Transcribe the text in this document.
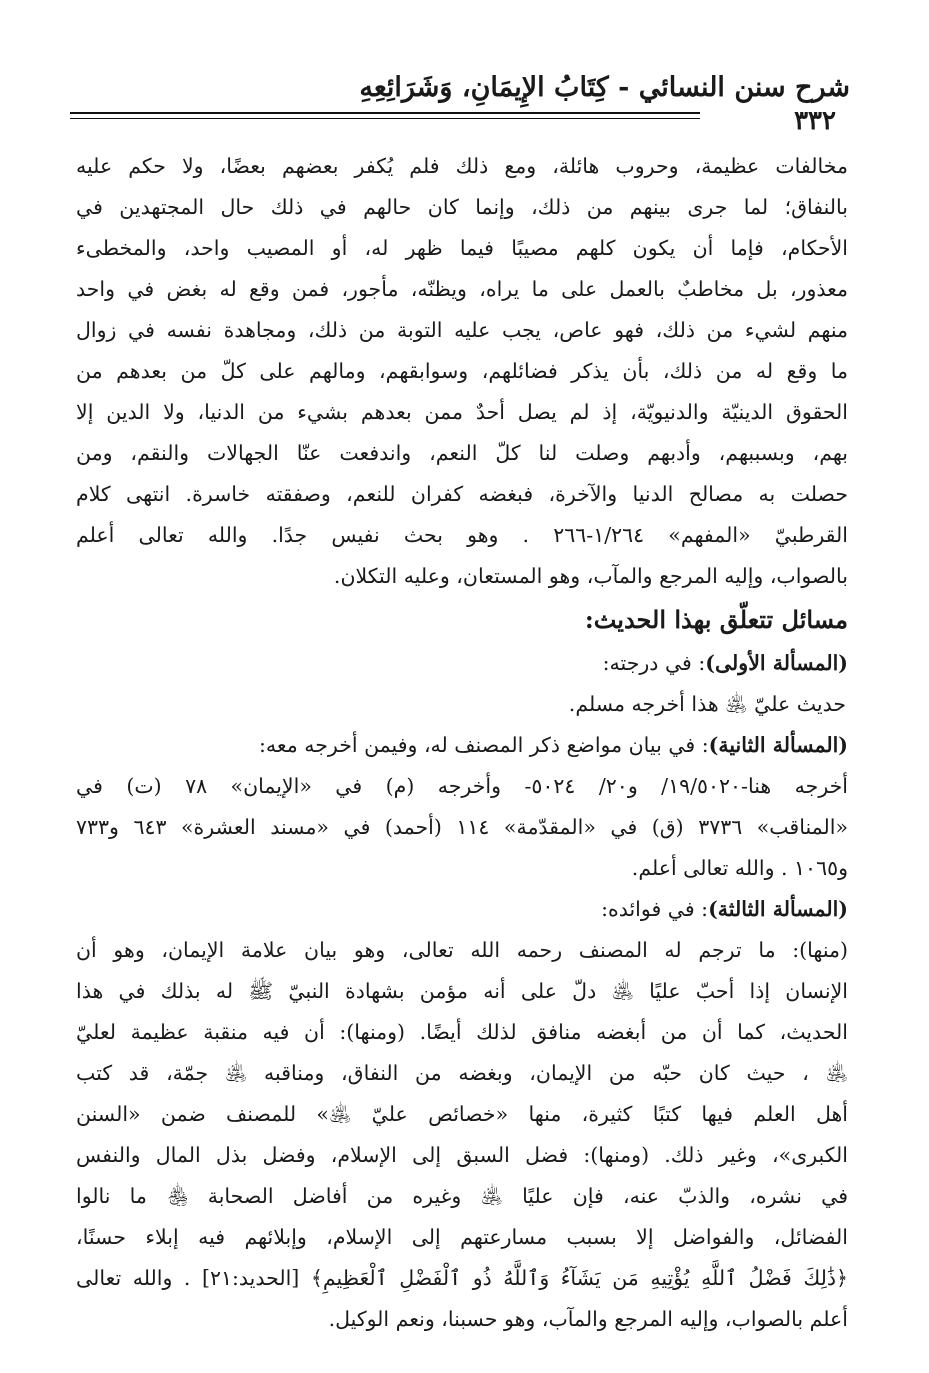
شرح سنن النسائي - كِتَابُ الإِيمَانِ، وَشَرَائِعِهِ
٣٣٢
مخالفات عظيمة، وحروب هائلة، ومع ذلك فلم يُكفر بعضهم بعضًا، ولا حكم عليه
بالنفاق؛ لما جرى بينهم من ذلك، وإنما كان حالهم في ذلك حال المجتهدين في
الأحكام، فإما أن يكون كلهم مصيبًا فيما ظهر له، أو المصيب واحد، والمخطىء
معذور، بل مخاطبٌ بالعمل على ما يراه، ويظنّه، مأجور، فمن وقع له بغض في واحد
منهم لشيء من ذلك، فهو عاص، يجب عليه التوبة من ذلك، ومجاهدة نفسه في زوال
ما وقع له من ذلك، بأن يذكر فضائلهم، وسوابقهم، ومالهم على كلّ من بعدهم من
الحقوق الدينيّة والدنيويّة، إذ لم يصل أحدٌ ممن بعدهم بشيء من الدنيا، ولا الدين إلا
بهم، وبسببهم، وأدبهم وصلت لنا كلّ النعم، واندفعت عنّا الجهالات والنقم، ومن
حصلت به مصالح الدنيا والآخرة، فبغضه كفران للنعم، وصفقته خاسرة. انتهى كلام
القرطبيّ «المفهم» ١/٢٦٤-٢٦٦ . وهو بحث نفيس جدًا. والله تعالى أعلم
بالصواب، وإليه المرجع والمآب، وهو المستعان، وعليه التكلان.
مسائل تتعلّق بهذا الحديث:
(المسألة الأولى): في درجته:
حديث عليّ ﵁ هذا أخرجه مسلم.
(المسألة الثانية): في بيان مواضع ذكر المصنف له، وفيمن أخرجه معه:
أخرجه هنا-١٩/٥٠٢٠/ و٢٠/ ٥٠٢٤- وأخرجه (م) في «الإيمان» ٧٨ (ت) في
«المناقب» ٣٧٣٦ (ق) في «المقدّمة» ١١٤ (أحمد) في «مسند العشرة» ٦٤٣ و٧٣٣
و١٠٦٥ . والله تعالى أعلم.
(المسألة الثالثة): في فوائده:
(منها): ما ترجم له المصنف رحمه الله تعالى، وهو بيان علامة الإيمان، وهو أن
الإنسان إذا أحبّ عليًا ﵁ دلّ على أنه مؤمن بشهادة النبيّ ﷺ له بذلك في هذا
الحديث، كما أن من أبغضه منافق لذلك أيضًا. (ومنها): أن فيه منقبة عظيمة لعليّ
﵁ ، حيث كان حبّه من الإيمان، وبغضه من النفاق، ومناقبه ﵁ جمّة، قد كتب
أهل العلم فيها كتبًا كثيرة، منها «خصائص عليّ ﵁» للمصنف ضمن «السنن
الكبرى»، وغير ذلك. (ومنها): فضل السبق إلى الإسلام، وفضل بذل المال والنفس
في نشره، والذبّ عنه، فإن عليًا ﵁ وغيره من أفاضل الصحابة ﵃ ما نالوا
الفضائل، والفواضل إلا بسبب مسارعتهم إلى الإسلام، وإبلائهم فيه إبلاء حسنًا،
﴿ذَٰلِكَ فَضْلُ ٱللَّهِ يُؤْتِيهِ مَن يَشَآءُ وَٱللَّهُ ذُو ٱلْفَضْلِ ٱلْعَظِيمِ﴾ [الحديد:٢١] . والله تعالى
أعلم بالصواب، وإليه المرجع والمآب، وهو حسبنا، ونعم الوكيل.
